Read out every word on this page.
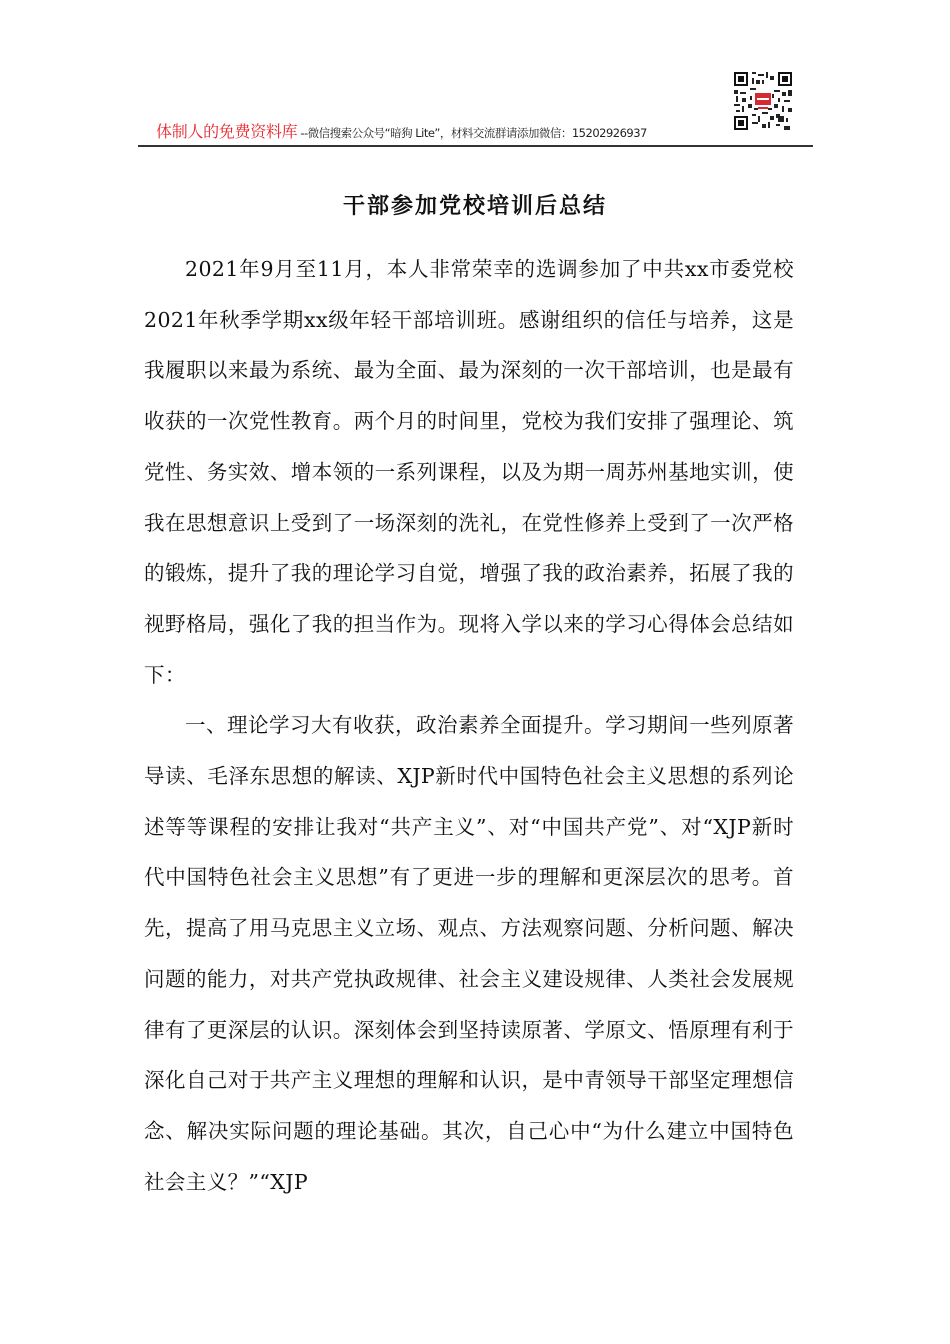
体制人的免费资料库 --微信搜索公众号“暗狗 Lite”，材料交流群请添加微信：15202926937
干部参加党校培训后总结

2021年9月至11月，本人非常荣幸的选调参加了中共xx市委党校2021年秋季学期xx级年轻干部培训班。感谢组织的信任与培养，这是我履职以来最为系统、最为全面、最为深刻的一次干部培训，也是最有收获的一次党性教育。两个月的时间里，党校为我们安排了强理论、筑党性、务实效、增本领的一系列课程，以及为期一周苏州基地实训，使我在思想意识上受到了一场深刻的洗礼，在党性修养上受到了一次严格的锻炼，提升了我的理论学习自觉，增强了我的政治素养，拓展了我的视野格局，强化了我的担当作为。现将入学以来的学习心得体会总结如下：

一、理论学习大有收获，政治素养全面提升。学习期间一些列原著导读、毛泽东思想的解读、XJP新时代中国特色社会主义思想的系列论述等等课程的安排让我对“共产主义”、对“中国共产党”、对“XJP新时代中国特色社会主义思想”有了更进一步的理解和更深层次的思考。首先，提高了用马克思主义立场、观点、方法观察问题、分析问题、解决问题的能力，对共产党执政规律、社会主义建设规律、人类社会发展规律有了更深层的认识。深刻体会到坚持读原著、学原文、悟原理有利于深化自己对于共产主义理想的理解和认识，是中青领导干部坚定理想信念、解决实际问题的理论基础。其次，自己心中“为什么建立中国特色社会主义？”“XJP
